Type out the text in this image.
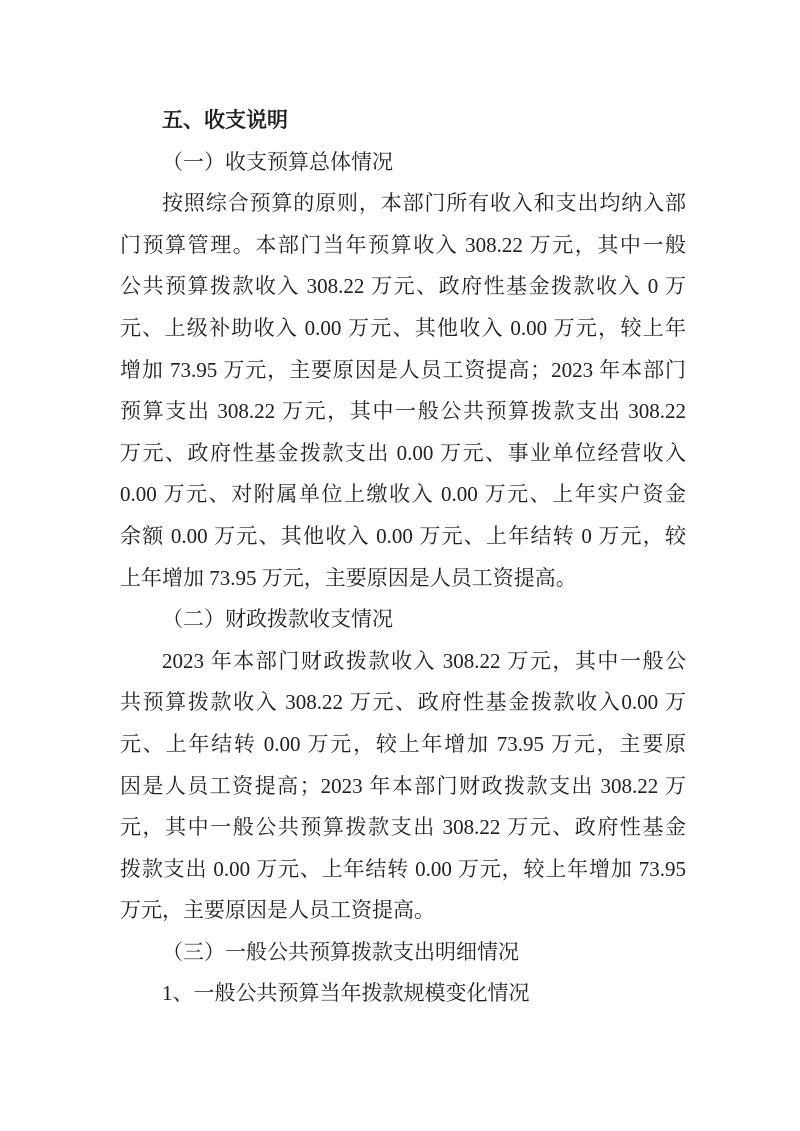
五、收支说明
（一）收支预算总体情况
按照综合预算的原则，本部门所有收入和支出均纳入部
门预算管理。本部门当年预算收入 308.22 万元，其中一般
公共预算拨款收入 308.22 万元、政府性基金拨款收入 0 万
元、上级补助收入 0.00 万元、其他收入 0.00 万元，较上年
增加 73.95 万元，主要原因是人员工资提高；2023 年本部门
预算支出 308.22 万元，其中一般公共预算拨款支出 308.22
万元、政府性基金拨款支出 0.00 万元、事业单位经营收入
0.00 万元、对附属单位上缴收入 0.00 万元、上年实户资金
余额 0.00 万元、其他收入 0.00 万元、上年结转 0 万元，较
上年增加 73.95 万元，主要原因是人员工资提高。
（二）财政拨款收支情况
2023 年本部门财政拨款收入 308.22 万元，其中一般公
共预算拨款收入 308.22 万元、政府性基金拨款收入0.00 万
元、上年结转 0.00 万元，较上年增加 73.95 万元，主要原
因是人员工资提高；2023 年本部门财政拨款支出 308.22 万
元，其中一般公共预算拨款支出 308.22 万元、政府性基金
拨款支出 0.00 万元、上年结转 0.00 万元，较上年增加 73.95
万元，主要原因是人员工资提高。
（三）一般公共预算拨款支出明细情况
1、一般公共预算当年拨款规模变化情况
